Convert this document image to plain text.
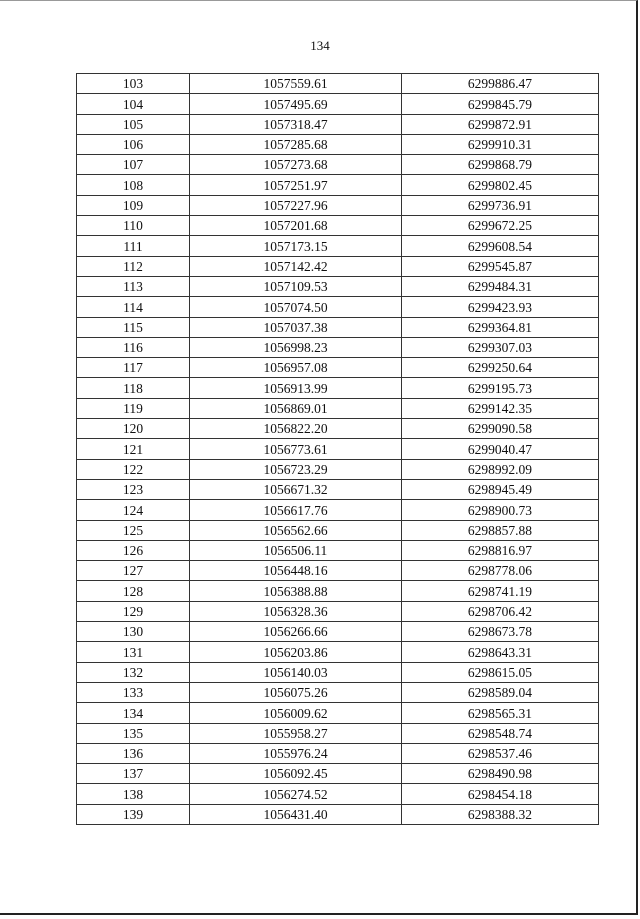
134
103	1057559.61	6299886.47
104	1057495.69	6299845.79
105	1057318.47	6299872.91
106	1057285.68	6299910.31
107	1057273.68	6299868.79
108	1057251.97	6299802.45
109	1057227.96	6299736.91
110	1057201.68	6299672.25
111	1057173.15	6299608.54
112	1057142.42	6299545.87
113	1057109.53	6299484.31
114	1057074.50	6299423.93
115	1057037.38	6299364.81
116	1056998.23	6299307.03
117	1056957.08	6299250.64
118	1056913.99	6299195.73
119	1056869.01	6299142.35
120	1056822.20	6299090.58
121	1056773.61	6299040.47
122	1056723.29	6298992.09
123	1056671.32	6298945.49
124	1056617.76	6298900.73
125	1056562.66	6298857.88
126	1056506.11	6298816.97
127	1056448.16	6298778.06
128	1056388.88	6298741.19
129	1056328.36	6298706.42
130	1056266.66	6298673.78
131	1056203.86	6298643.31
132	1056140.03	6298615.05
133	1056075.26	6298589.04
134	1056009.62	6298565.31
135	1055958.27	6298548.74
136	1055976.24	6298537.46
137	1056092.45	6298490.98
138	1056274.52	6298454.18
139	1056431.40	6298388.32
